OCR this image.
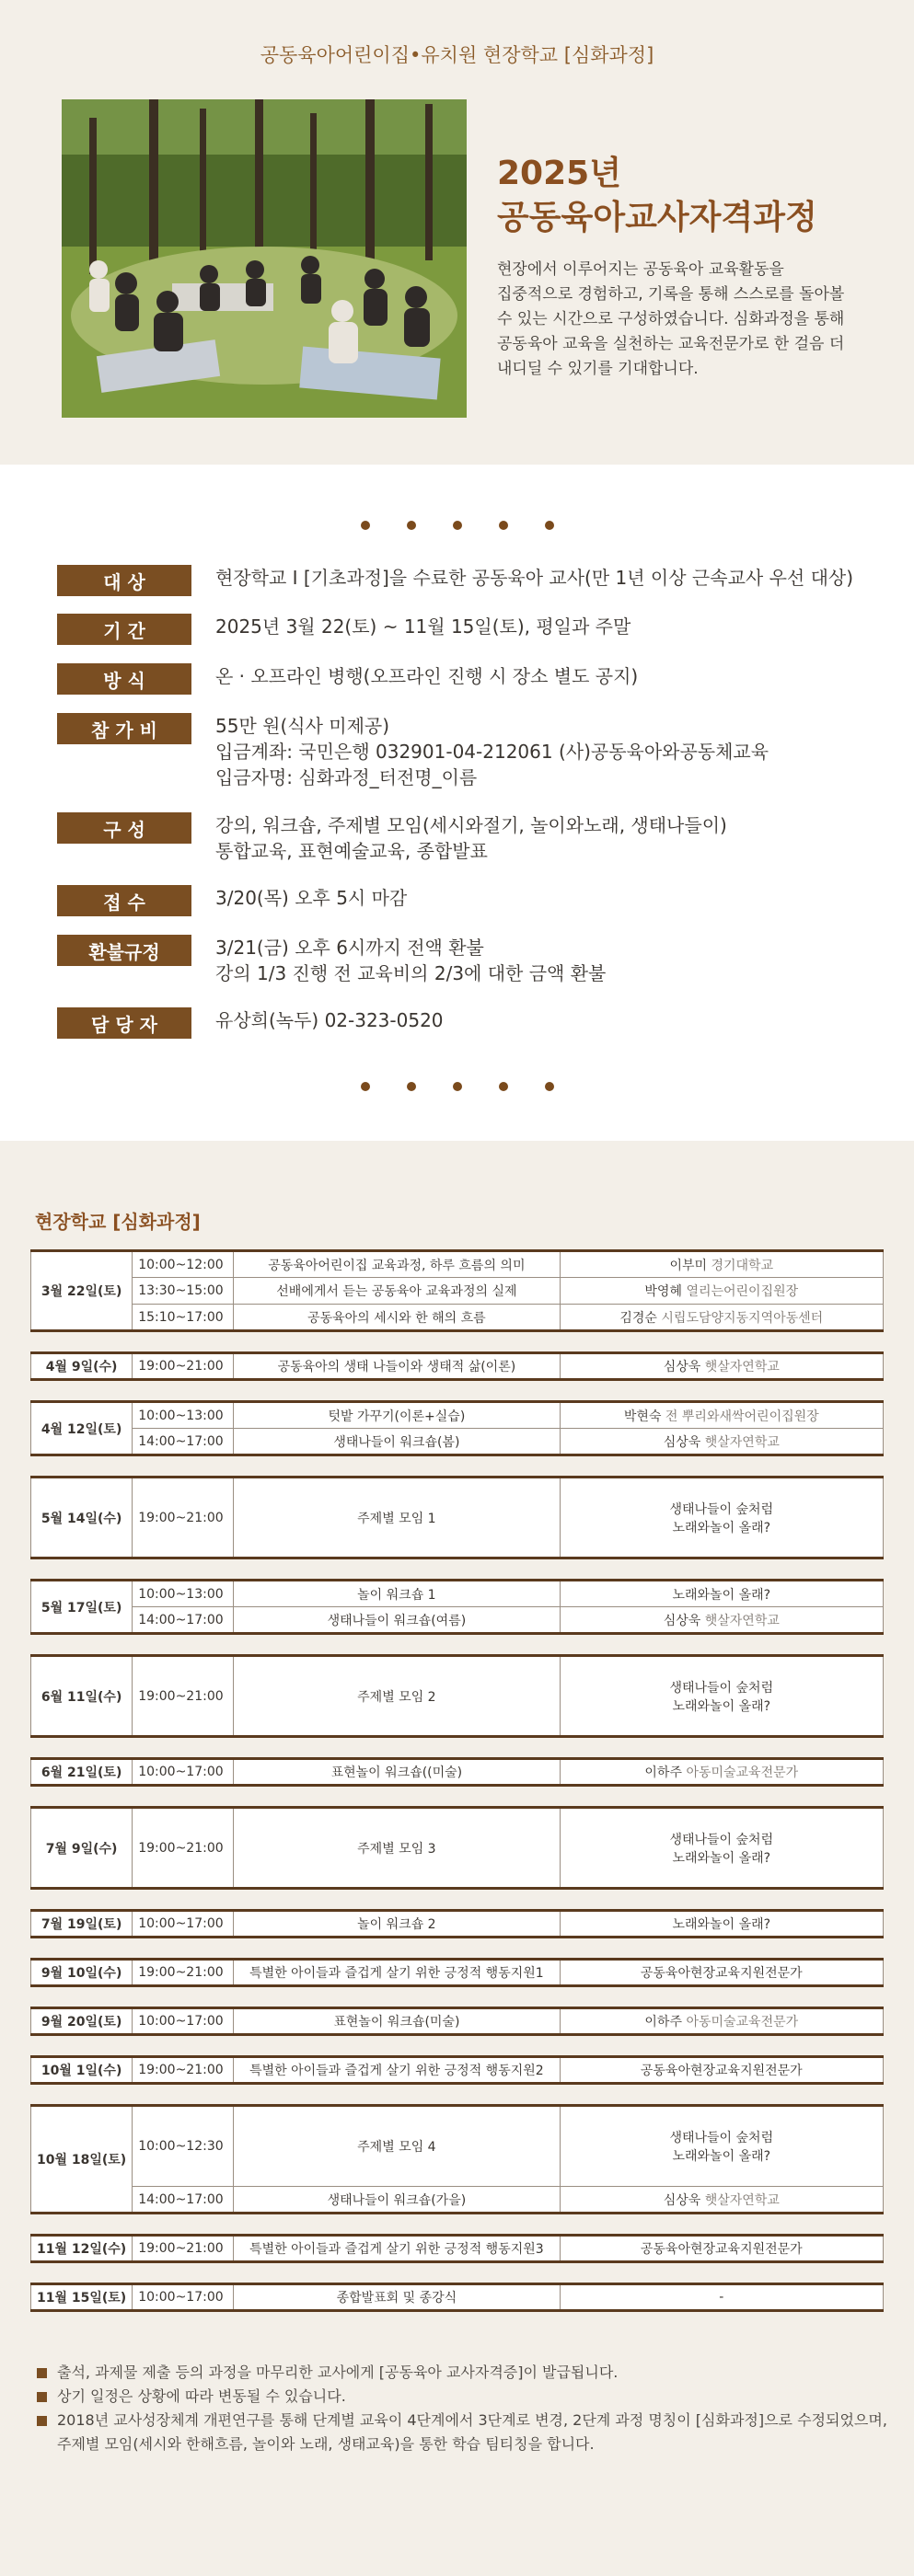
공동육아어린이집•유치원 현장학교 [심화과정]
2025년
공동육아교사자격과정
현장에서 이루어지는 공동육아 교육활동을
집중적으로 경험하고, 기록을 통해 스스로를 돌아볼
수 있는 시간으로 구성하였습니다. 심화과정을 통해
공동육아 교육을 실천하는 교육전문가로 한 걸음 더
내디딜 수 있기를 기대합니다.
대 상	현장학교 I [기초과정]을 수료한 공동육아 교사(만 1년 이상 근속교사 우선 대상)
기 간	2025년 3월 22(토) ~ 11월 15일(토), 평일과 주말
방 식	온 · 오프라인 병행(오프라인 진행 시 장소 별도 공지)
참 가 비	55만 원(식사 미제공)
입금계좌: 국민은행 032901-04-212061 (사)공동육아와공동체교육
입금자명: 심화과정_터전명_이름
구 성	강의, 워크숍, 주제별 모임(세시와절기, 놀이와노래, 생태나들이)
통합교육, 표현예술교육, 종합발표
접 수	3/20(목) 오후 5시 마감
환불규정	3/21(금) 오후 6시까지 전액 환불
강의 1/3 진행 전 교육비의 2/3에 대한 금액 환불
담 당 자	유상희(녹두) 02-323-0520
현장학교 [심화과정]
3월 22일(토)	10:00~12:00	공동육아어린이집 교육과정, 하루 흐름의 의미	이부미 경기대학교
	13:30~15:00	선배에게서 듣는 공동육아 교육과정의 실제	박영혜 열리는어린이집원장
	15:10~17:00	공동육아의 세시와 한 해의 흐름	김경순 시립도담양지동지역아동센터

4월 9일(수)	19:00~21:00	공동육아의 생태 나들이와 생태적 삶(이론)	심상욱 햇살자연학교

4월 12일(토)	10:00~13:00	텃밭 가꾸기(이론+실습)	박현숙 전 뿌리와새싹어린이집원장
	14:00~17:00	생태나들이 워크숍(봄)	심상욱 햇살자연학교

5월 14일(수)	19:00~21:00	주제별 모임 1	생태나들이 숲처럼
노래와놀이 올래?

5월 17일(토)	10:00~13:00	놀이 워크숍 1	노래와놀이 올래?
	14:00~17:00	생태나들이 워크숍(여름)	심상욱 햇살자연학교

6월 11일(수)	19:00~21:00	주제별 모임 2	생태나들이 숲처럼
노래와놀이 올래?

6월 21일(토)	10:00~17:00	표현놀이 워크숍((미술)	이하주 아동미술교육전문가

7월 9일(수)	19:00~21:00	주제별 모임 3	생태나들이 숲처럼
노래와놀이 올래?

7월 19일(토)	10:00~17:00	놀이 워크숍 2	노래와놀이 올래?

9월 10일(수)	19:00~21:00	특별한 아이들과 즐겁게 살기 위한 긍정적 행동지원1	공동육아현장교육지원전문가

9월 20일(토)	10:00~17:00	표현놀이 워크숍(미술)	이하주 아동미술교육전문가

10월 1일(수)	19:00~21:00	특별한 아이들과 즐겁게 살기 위한 긍정적 행동지원2	공동육아현장교육지원전문가

10월 18일(토)	10:00~12:30	주제별 모임 4	생태나들이 숲처럼
노래와놀이 올래?

	14:00~17:00	생태나들이 워크숍(가을)	심상욱 햇살자연학교

11월 12일(수)	19:00~21:00	특별한 아이들과 즐겁게 살기 위한 긍정적 행동지원3	공동육아현장교육지원전문가

11월 15일(토)	10:00~17:00	종합발표회 및 종강식	-
출석, 과제물 제출 등의 과정을 마무리한 교사에게 [공동육아 교사자격증]이 발급됩니다.
상기 일정은 상황에 따라 변동될 수 있습니다.
2018년 교사성장체계 개편연구를 통해 단계별 교육이 4단계에서 3단계로 변경, 2단계 과정 명칭이 [심화과정]으로 수정되었으며,
주제별 모임(세시와 한해흐름, 놀이와 노래, 생태교육)을 통한 학습 팀티칭을 합니다.
